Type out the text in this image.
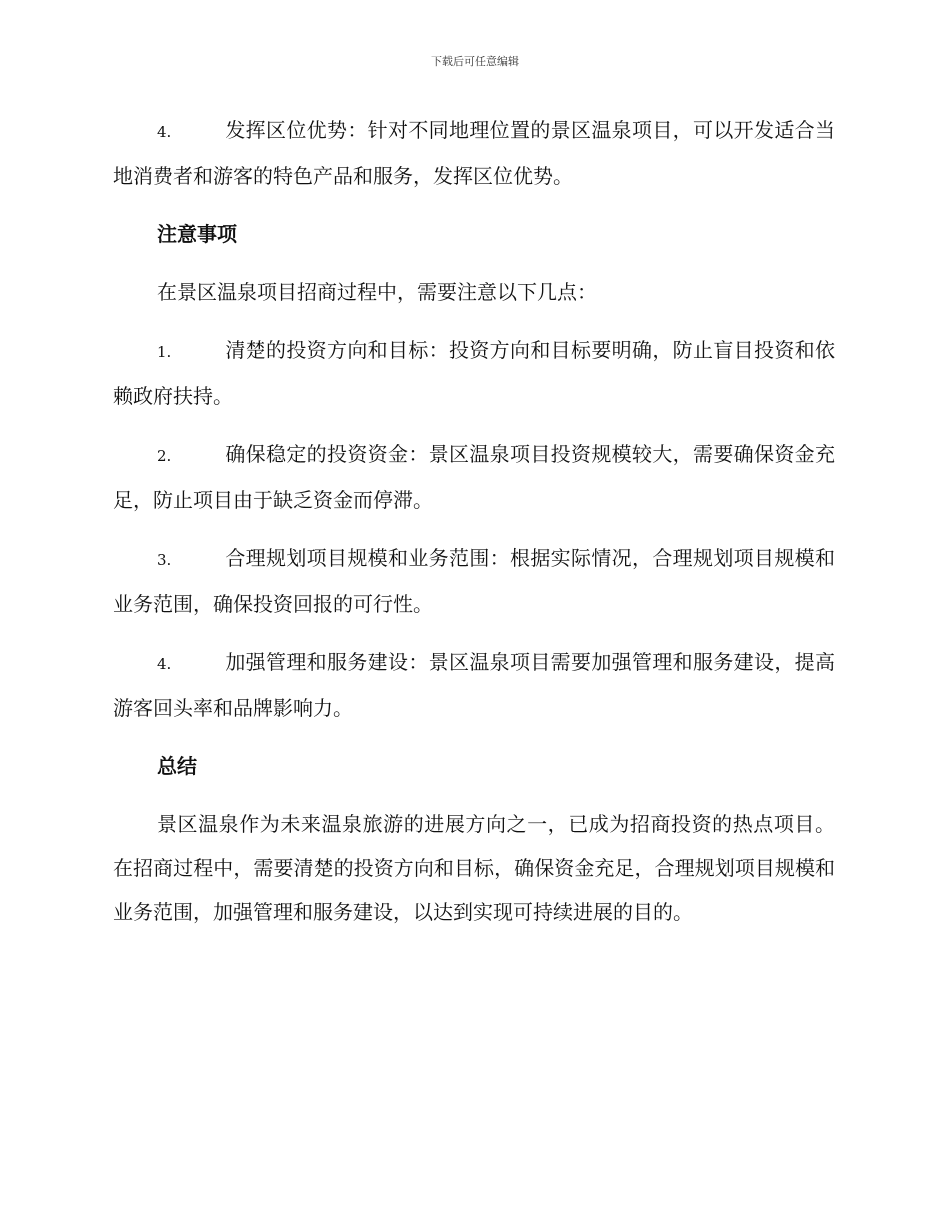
下载后可任意编辑

4.	发挥区位优势：针对不同地理位置的景区温泉项目，可以开发适合当地消费者和游客的特色产品和服务，发挥区位优势。

注意事项

在景区温泉项目招商过程中，需要注意以下几点：

1.	清楚的投资方向和目标：投资方向和目标要明确，防止盲目投资和依赖政府扶持。

2.	确保稳定的投资资金：景区温泉项目投资规模较大，需要确保资金充足，防止项目由于缺乏资金而停滞。

3.	合理规划项目规模和业务范围：根据实际情况，合理规划项目规模和业务范围，确保投资回报的可行性。

4.	加强管理和服务建设：景区温泉项目需要加强管理和服务建设，提高游客回头率和品牌影响力。

总结

景区温泉作为未来温泉旅游的进展方向之一，已成为招商投资的热点项目。在招商过程中，需要清楚的投资方向和目标，确保资金充足，合理规划项目规模和业务范围，加强管理和服务建设，以达到实现可持续进展的目的。
